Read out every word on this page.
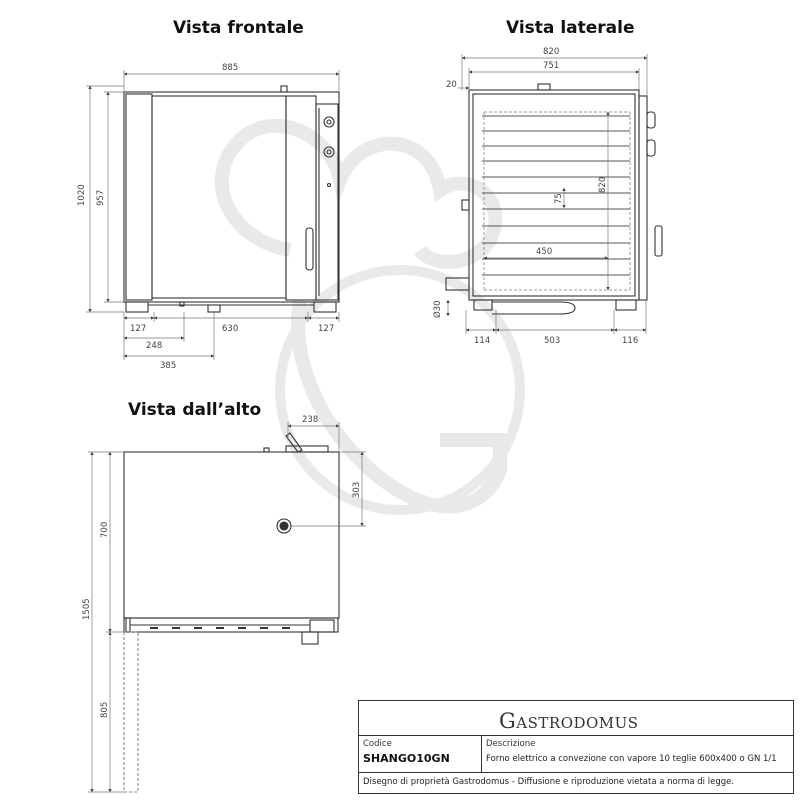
Vista frontale	Vista laterale
Vista dall’alto
885
1020 957
127	630	127
248
385
820
751
20
820
75
450
Ø30
114	503	116
238
303
700
1505
805	GASTRODOMUS
Codice
SHANGO10GN
Descrizione
Forno elettrico a convezione con vapore 10 teglie 600x400 o GN 1/1
Disegno di proprietà Gastrodomus - Diffusione e riproduzione vietata a norma di legge.
